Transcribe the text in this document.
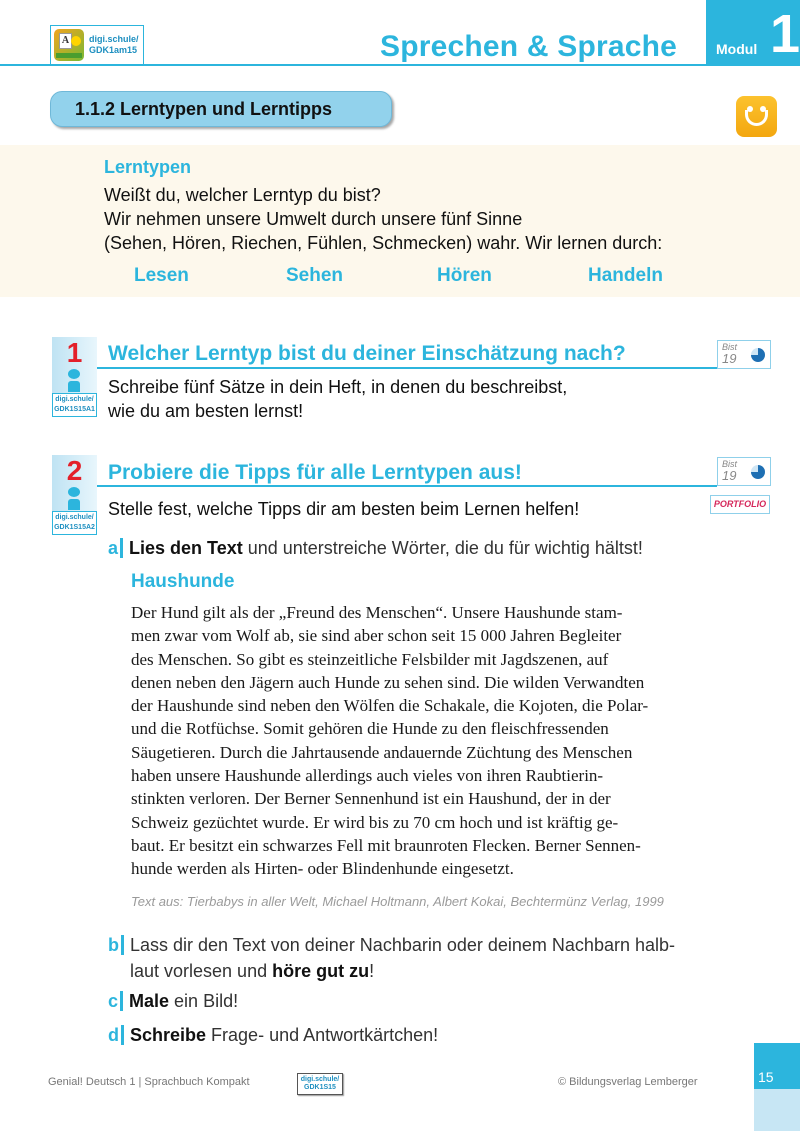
A	digi.schule/
GDK1am15	Sprechen & Sprache	Modul 1
1.1.2 Lerntypen und Lerntipps
Lerntypen
Weißt du, welcher Lerntyp du bist?
Wir nehmen unsere Umwelt durch unsere fünf Sinne
(Sehen, Hören, Riechen, Fühlen, Schmecken) wahr. Wir lernen durch:
Lesen	Sehen	Hören	Handeln
1
digi.schule/
GDK1S15A1
Welcher Lerntyp bist du deiner Einschätzung nach?	Bist
19
Schreibe fünf Sätze in dein Heft, in denen du beschreibst,
wie du am besten lernst!
2
digi.schule/
GDK1S15A2
Probiere die Tipps für alle Lerntypen aus!	Bist
19
PORTFOLIO
Stelle fest, welche Tipps dir am besten beim Lernen helfen!
a Lies den Text und unterstreiche Wörter, die du für wichtig hältst!
Haushunde
Der Hund gilt als der „Freund des Menschen“. Unsere Haushunde stam-
men zwar vom Wolf ab, sie sind aber schon seit 15 000 Jahren Begleiter
des Menschen. So gibt es steinzeitliche Felsbilder mit Jagdszenen, auf
denen neben den Jägern auch Hunde zu sehen sind. Die wilden Verwandten
der Haushunde sind neben den Wölfen die Schakale, die Kojoten, die Polar-
und die Rotfüchse. Somit gehören die Hunde zu den fleischfressenden
Säugetieren. Durch die Jahrtausende andauernde Züchtung des Menschen
haben unsere Haushunde allerdings auch vieles von ihren Raubtierin-
stinkten verloren. Der Berner Sennenhund ist ein Haushund, der in der
Schweiz gezüchtet wurde. Er wird bis zu 70 cm hoch und ist kräftig ge-
baut. Er besitzt ein schwarzes Fell mit braunroten Flecken. Berner Sennen-
hunde werden als Hirten- oder Blindenhunde eingesetzt.
Text aus: Tierbabys in aller Welt, Michael Holtmann, Albert Kokai, Bechtermünz Verlag, 1999
b Lass dir den Text von deiner Nachbarin oder deinem Nachbarn halb-
laut vorlesen und höre gut zu!
c Male ein Bild!
d Schreibe Frage- und Antwortkärtchen!
Genial! Deutsch 1 | Sprachbuch Kompakt	digi.schule/
GDK1S15	© Bildungsverlag Lemberger	15
